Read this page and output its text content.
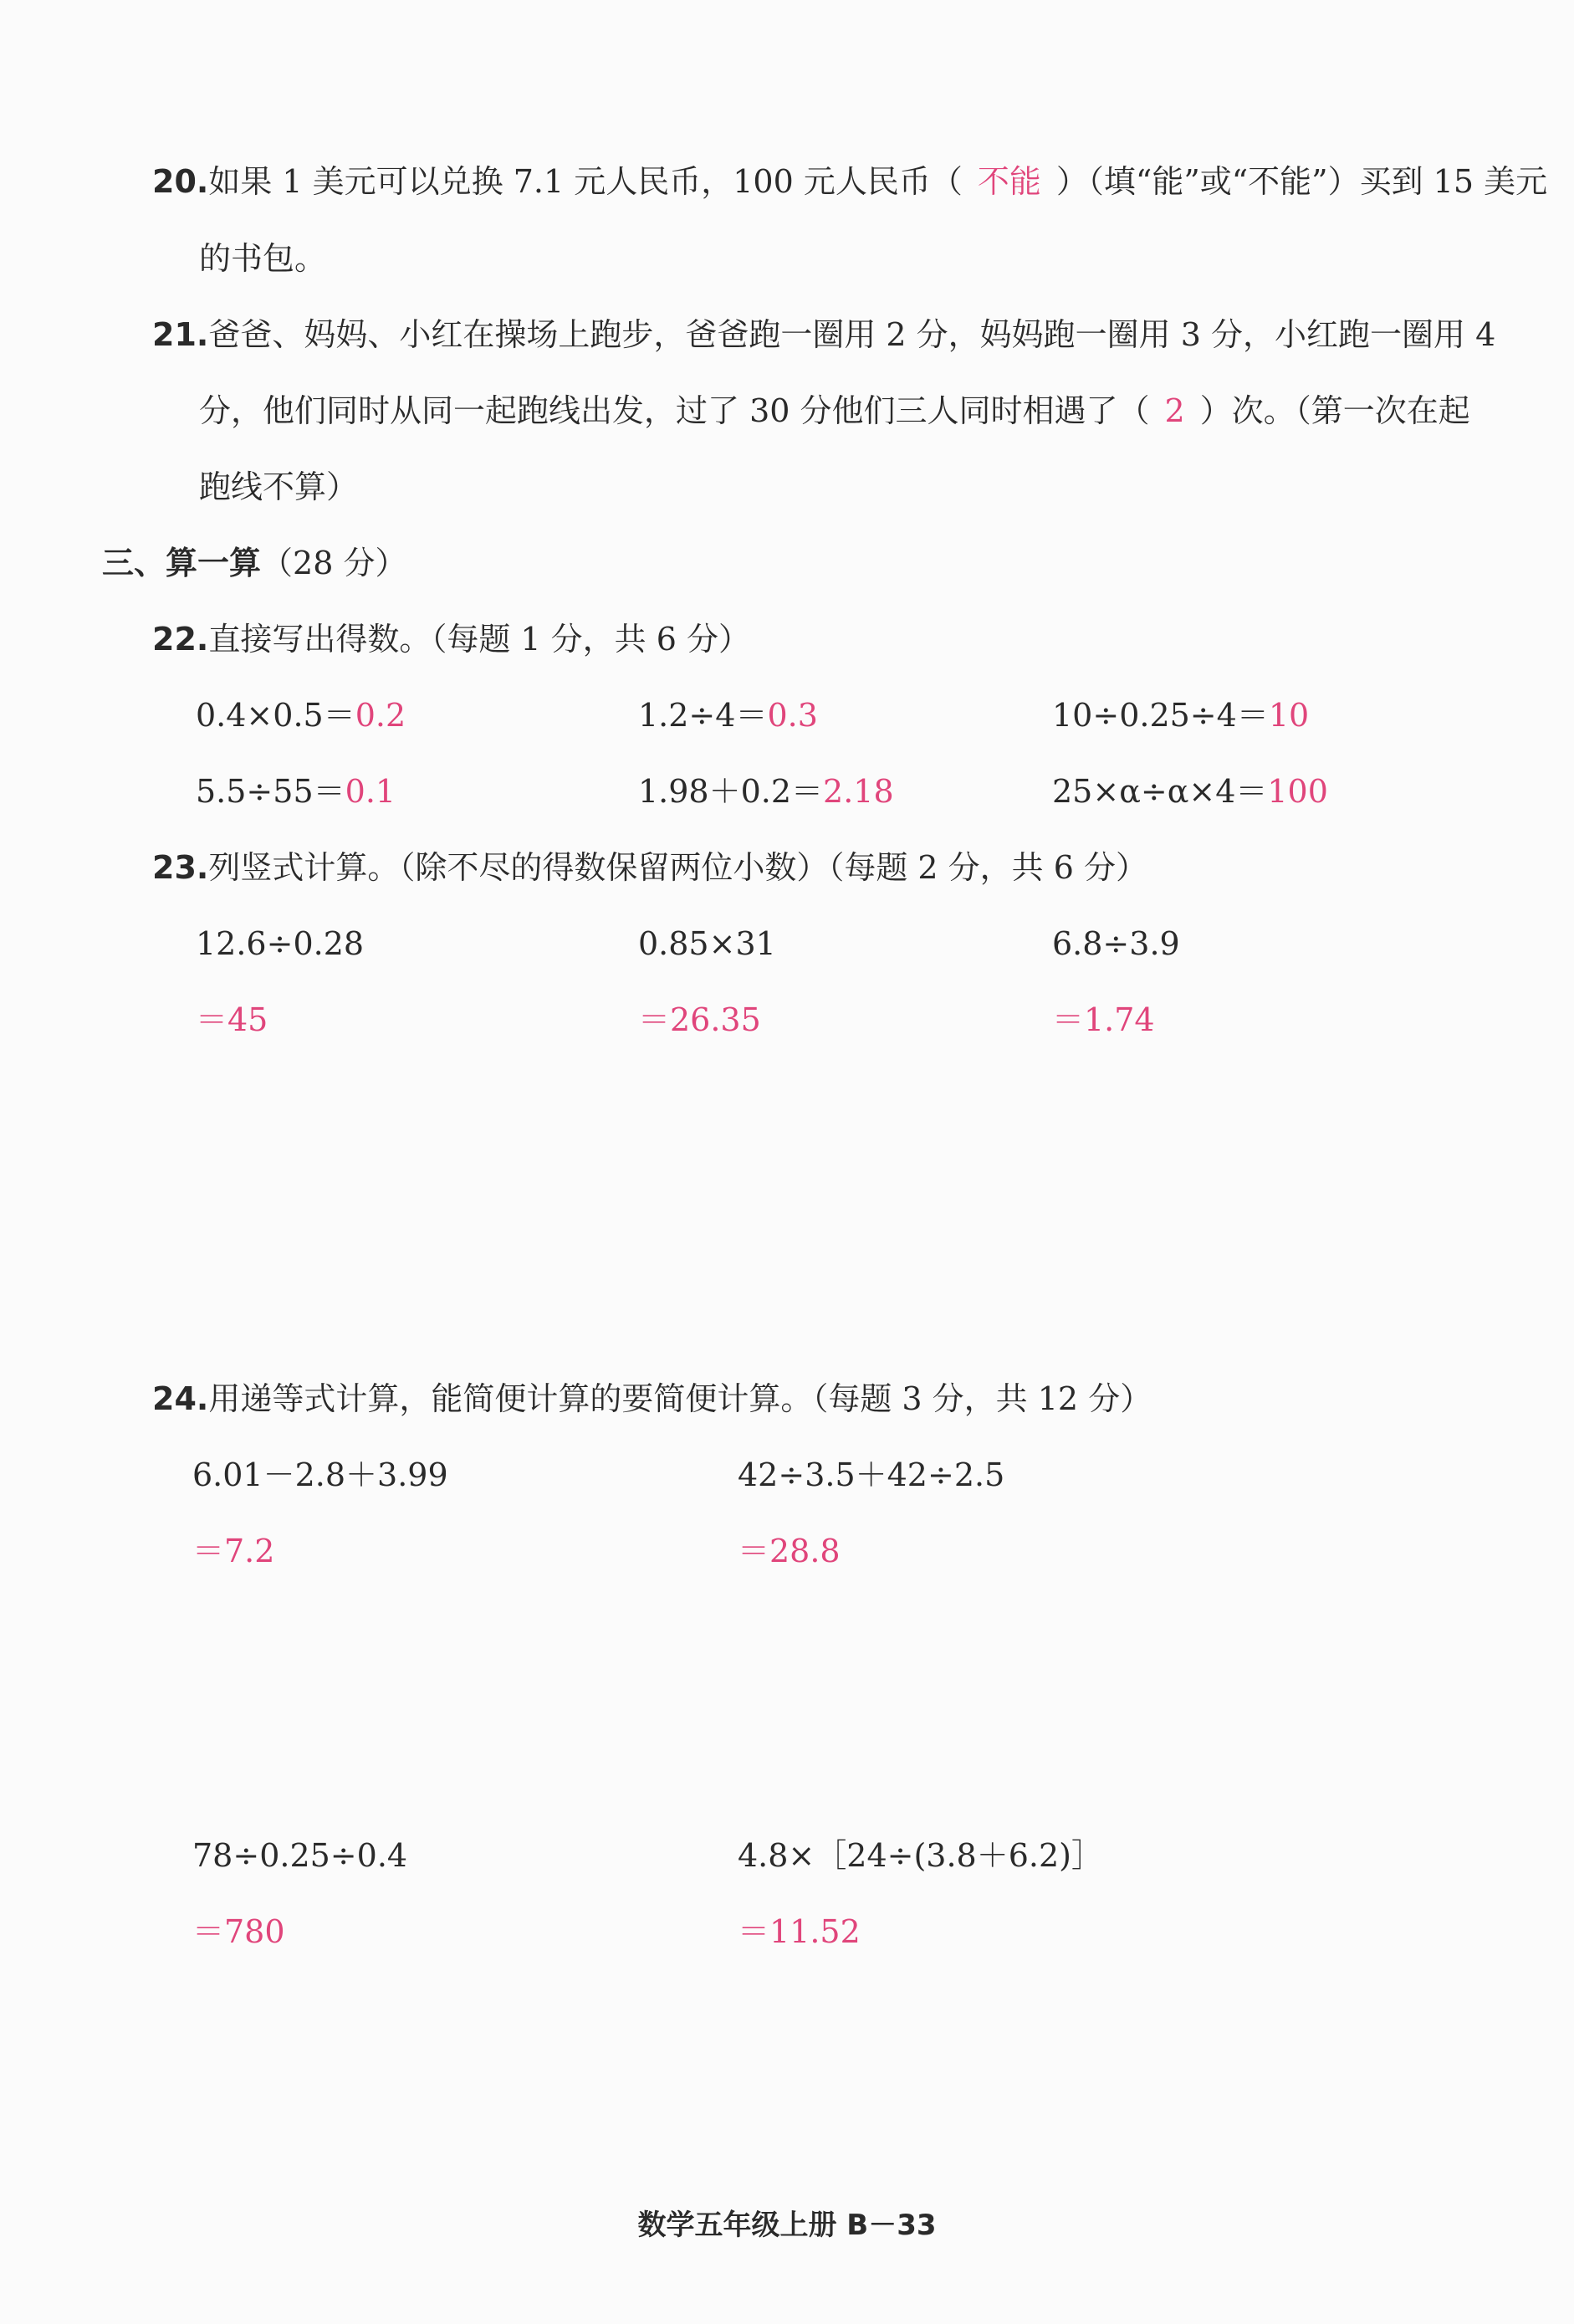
20.如果 1 美元可以兑换 7.1 元人民币，100 元人民币（ 不能 ）（填“能”或“不能”）买到 15 美元
的书包。
21.爸爸、妈妈、小红在操场上跑步，爸爸跑一圈用 2 分，妈妈跑一圈用 3 分，小红跑一圈用 4
分，他们同时从同一起跑线出发，过了 30 分他们三人同时相遇了（ 2 ）次。（第一次在起
跑线不算）
三、算一算（28 分）
22.直接写出得数。（每题 1 分，共 6 分）
0.4×0.5＝0.2	1.2÷4＝0.3	10÷0.25÷4＝10
5.5÷55＝0.1	1.98＋0.2＝2.18	25×α÷α×4＝100
23.列竖式计算。（除不尽的得数保留两位小数）（每题 2 分，共 6 分）
12.6÷0.28	0.85×31	6.8÷3.9
＝45	＝26.35	＝1.74
24.用递等式计算，能简便计算的要简便计算。（每题 3 分，共 12 分）
6.01－2.8＋3.99	42÷3.5＋42÷2.5
＝7.2	＝28.8
78÷0.25÷0.4	4.8×［24÷(3.8＋6.2)］
＝780	＝11.52
数学五年级上册 B－33
